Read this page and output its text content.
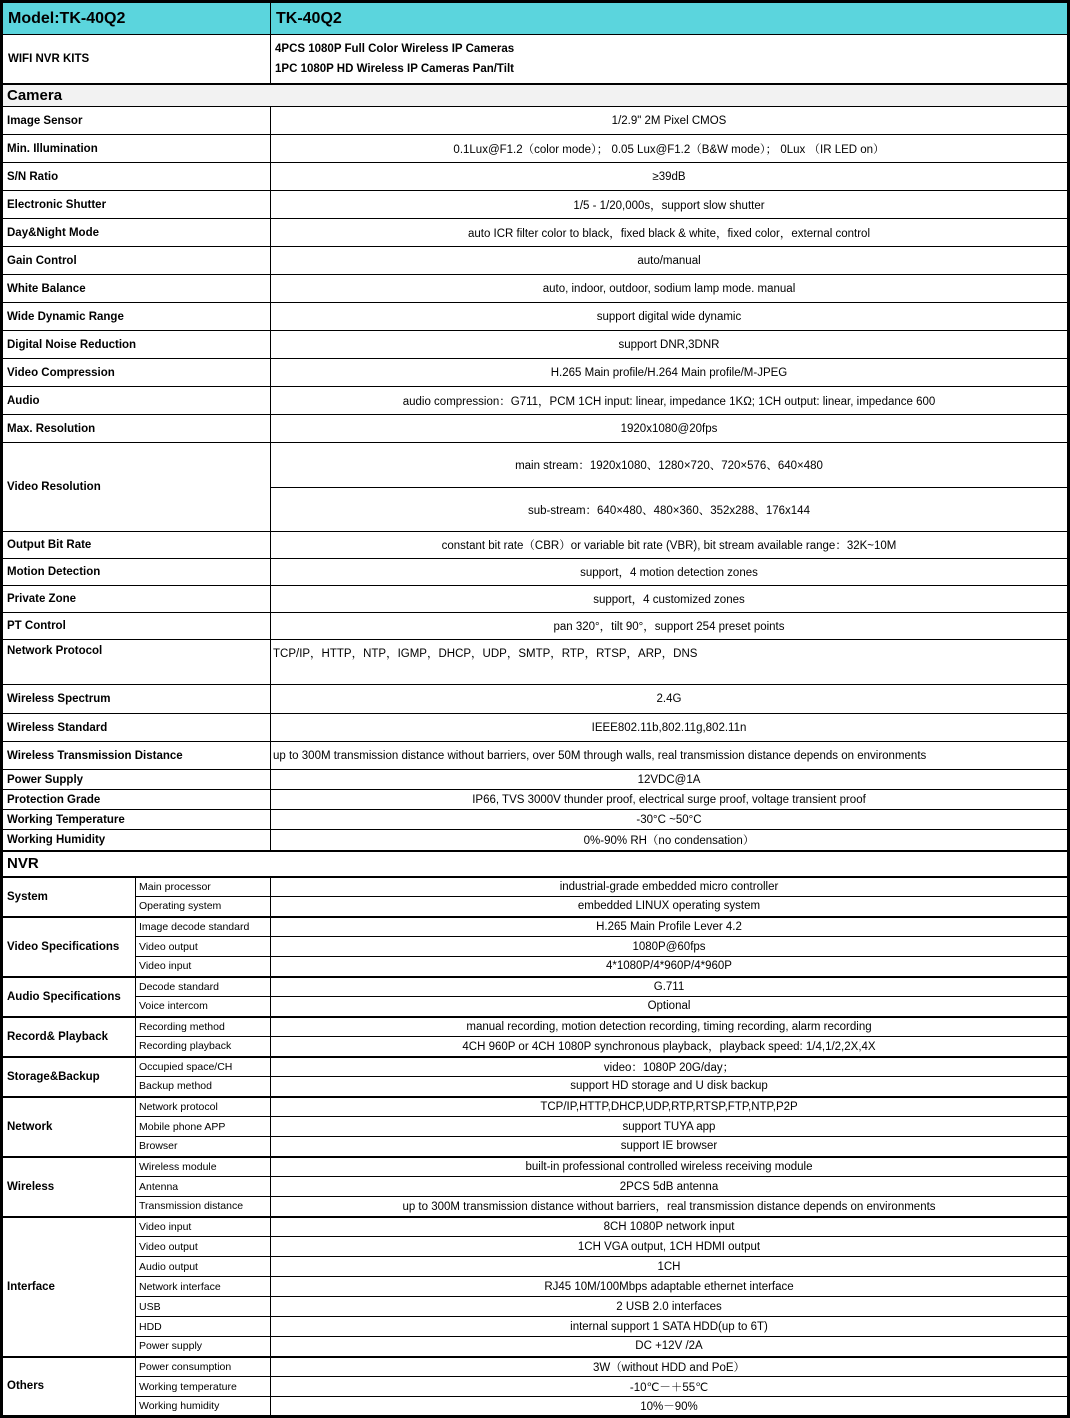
Model:TK-40Q2		TK-40Q2
WIFI NVR KITS		4PCS 1080P Full Color Wireless IP Cameras
1PC 1080P HD Wireless IP Cameras Pan/Tilt

Camera		
Image Sensor		1/2.9" 2M Pixel CMOS
Min. Illumination		0.1Lux@F1.2（color mode）； 0.05 Lux@F1.2（B&W mode）； 0Lux （IR LED on）
S/N Ratio		≥39dB
Electronic Shutter		1/5 - 1/20,000s，support slow shutter
Day&Night Mode		auto ICR filter color to black，fixed black & white，fixed color，external control
Gain Control		auto/manual
White Balance		auto, indoor, outdoor, sodium lamp mode. manual
Wide Dynamic Range		support digital wide dynamic
Digital Noise Reduction		support DNR,3DNR
Video Compression		H.265 Main profile/H.264 Main profile/M-JPEG
Audio		audio compression：G711，PCM 1CH input: linear, impedance 1KΩ; 1CH output: linear, impedance 600
Max. Resolution		1920x1080@20fps
Video Resolution		main stream：1920x1080、1280×720、720×576、640×480
		sub-stream：640×480、480×360、352x288、176x144
Output Bit Rate		constant bit rate（CBR）or variable bit rate (VBR), bit stream available range：32K~10M
Motion Detection		support，4 motion detection zones
Private Zone		support，4 customized zones
PT Control		pan 320°，tilt 90°，support 254 preset points
Network Protocol		TCP/IP，HTTP，NTP，IGMP，DHCP，UDP，SMTP，RTP，RTSP，ARP，DNS
Wireless Spectrum		2.4G
Wireless Standard		IEEE802.11b,802.11g,802.11n
Wireless Transmission Distance		up to 300M transmission distance without barriers, over 50M through walls, real transmission distance depends on environments
Power Supply		12VDC@1A
Protection Grade		IP66, TVS 3000V thunder proof, electrical surge proof, voltage transient proof
Working Temperature		-30°C ~50°C
Working Humidity		0%-90% RH（no condensation）
NVR		
System	Main processor	industrial-grade embedded micro controller
	Operating system	embedded LINUX operating system
Video Specifications	Image decode standard	H.265 Main Profile Lever 4.2
	Video output	1080P@60fps
	Video input	4*1080P/4*960P/4*960P
Audio Specifications	Decode standard	G.711
	Voice intercom	Optional
Record& Playback	Recording method	manual recording, motion detection recording, timing recording, alarm recording
	Recording playback	4CH 960P or 4CH 1080P synchronous playback，playback speed: 1/4,1/2,2X,4X
Storage&Backup	Occupied space/CH	video：1080P 20G/day；
	Backup method	support HD storage and U disk backup
Network	Network protocol	TCP/IP,HTTP,DHCP,UDP,RTP,RTSP,FTP,NTP,P2P
	Mobile phone APP	support TUYA app
	Browser	support IE browser
Wireless	Wireless module	built-in professional controlled wireless receiving module
	Antenna	2PCS 5dB antenna
	Transmission distance	up to 300M transmission distance without barriers，real transmission distance depends on environments
Interface	Video input	8CH 1080P network input
	Video output	1CH VGA output, 1CH HDMI output
	Audio output	1CH
	Network interface	RJ45 10M/100Mbps adaptable ethernet interface
	USB	2 USB 2.0 interfaces
	HDD	internal support 1 SATA HDD(up to 6T)
	Power supply	DC +12V /2A
Others	Power consumption	3W（without HDD and PoE）
	Working temperature	-10℃－＋55℃
	Working humidity	10%－90%
